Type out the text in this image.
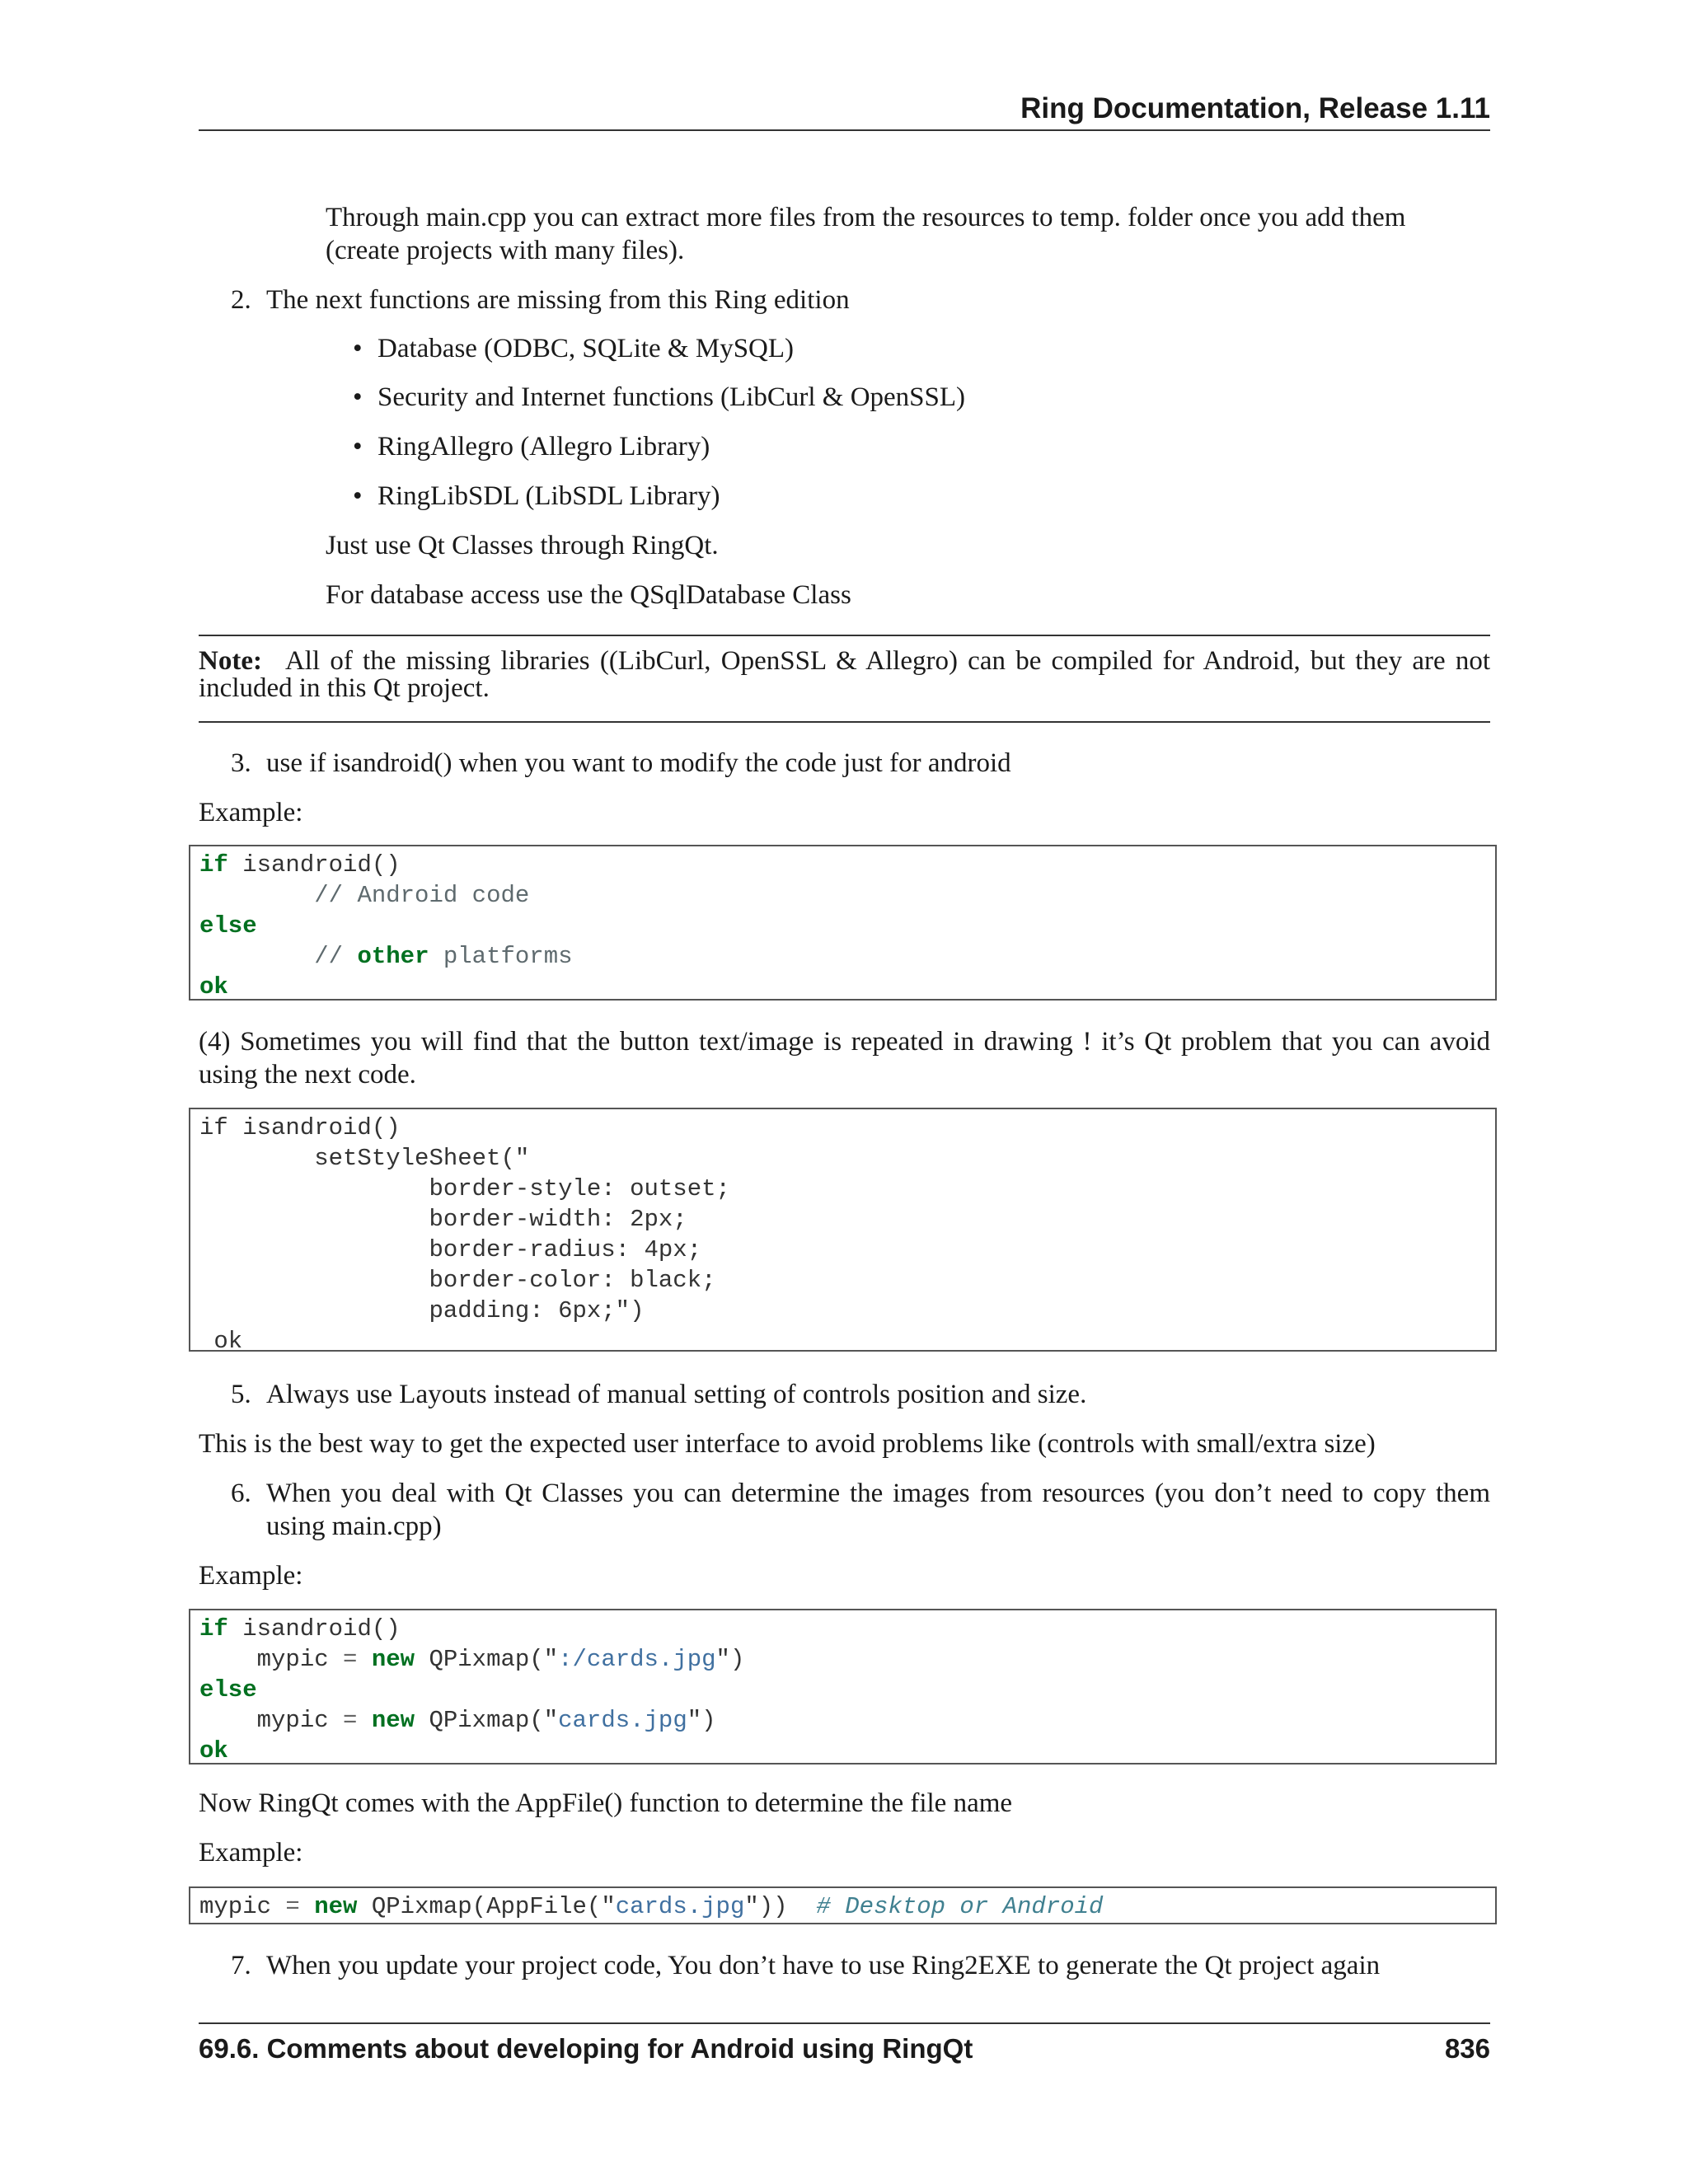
Ring Documentation, Release 1.11
Through main.cpp you can extract more files from the resources to temp. folder once you add them
(create projects with many files).
2. The next functions are missing from this Ring edition
• Database (ODBC, SQLite & MySQL)
• Security and Internet functions (LibCurl & OpenSSL)
• RingAllegro (Allegro Library)
• RingLibSDL (LibSDL Library)
Just use Qt Classes through RingQt.
For database access use the QSqlDatabase Class
Note: All of the missing libraries ((LibCurl, OpenSSL & Allegro) can be compiled for Android, but they are not
included in this Qt project.
3. use if isandroid() when you want to modify the code just for android
Example:
if isandroid()
// Android code
else
// other platforms
ok
(4) Sometimes you will find that the button text/image is repeated in drawing ! it’s Qt problem that you can avoid
using the next code.
if isandroid()
setStyleSheet("
border-style: outset;
border-width: 2px;
border-radius: 4px;
border-color: black;
padding: 6px;")
ok
5. Always use Layouts instead of manual setting of controls position and size.
This is the best way to get the expected user interface to avoid problems like (controls with small/extra size)
6. When you deal with Qt Classes you can determine the images from resources (you don’t need to copy them
using main.cpp)
Example:
if isandroid()
mypic = new QPixmap(":/cards.jpg")
else
mypic = new QPixmap("cards.jpg")
ok
Now RingQt comes with the AppFile() function to determine the file name
Example:
mypic = new QPixmap(AppFile("cards.jpg")) # Desktop or Android
7. When you update your project code, You don’t have to use Ring2EXE to generate the Qt project again
69.6. Comments about developing for Android using RingQt	836
